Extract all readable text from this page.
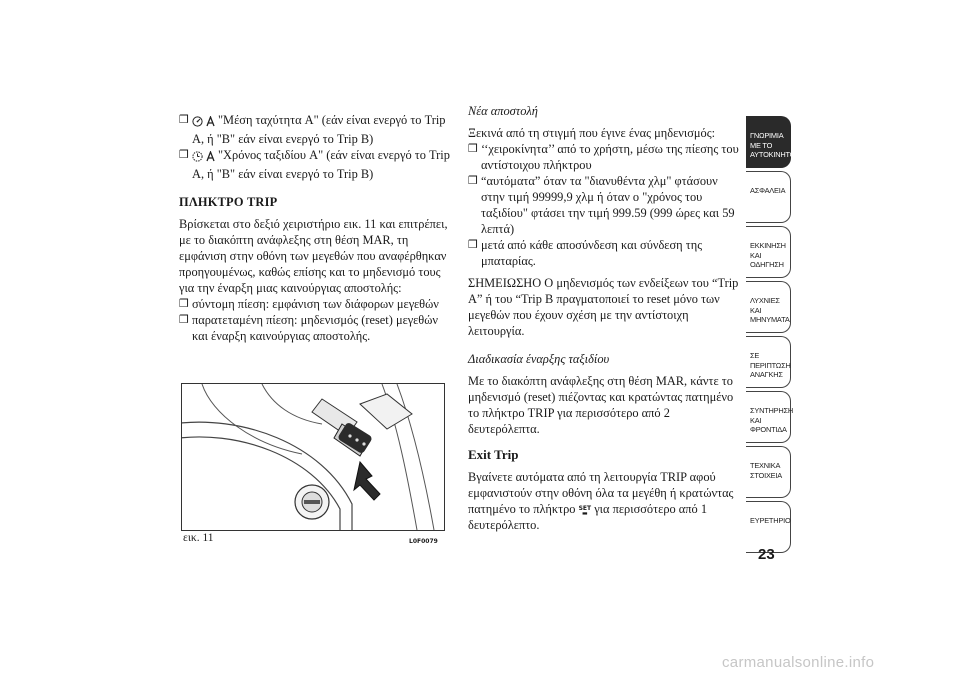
❒ "Μέση ταχύτητα A" (εάν είναι ενεργό το Trip A, ή "B" εάν είναι ενεργό το Trip B)
❒ "Χρόνος ταξιδίου A" (εάν είναι ενεργό το Trip A, ή "B" εάν είναι ενεργό το Trip B)

ΠΛΗΚΤΡΟ TRIP

Βρίσκεται στο δεξιό χειριστήριο εικ. 11 και επιτρέπει, με το διακόπτη ανάφλεξης στη θέση MAR, τη εμφάνιση στην οθόνη των μεγεθών που αναφέρθηκαν προηγουμένως, καθώς επίσης και το μηδενισμό τους για την έναρξη μιας καινούργιας αποστολής:

❒ σύντομη πίεση: εμφάνιση των διάφορων μεγεθών
❒ παρατεταμένη πίεση: μηδενισμός (reset) μεγεθών και έναρξη καινούργιας αποστολής.
εικ. 11	L0F0079

Νέα αποστολή

Ξεκινά από τη στιγμή που έγινε ένας μηδενισμός:

❒ ‘‘χειροκίνητα’’ από το χρήστη, μέσω της πίεσης του αντίστοιχου πλήκτρου
❒ “αυτόματα” όταν τα "διανυθέντα χλμ" φτάσουν στην τιμή 99999,9 χλμ ή όταν ο "χρόνος του ταξιδίου" φτάσει την τιμή 999.59 (999 ώρες και 59 λεπτά)
❒ μετά από κάθε αποσύνδεση και σύνδεση της μπαταρίας.

ΣΗΜΕΙΩΣΗΟ Ο μηδενισμός των ενδείξεων του “Trip A” ή του “Trip B πραγματοποιεί το reset μόνο των μεγεθών που έχουν σχέση με την αντίστοιχη λειτουργία.

Διαδικασία έναρξης ταξιδίου

Με το διακόπτη ανάφλεξης στη θέση MAR, κάντε το μηδενισμό (reset) πιέζοντας και κρατώντας πατημένο το πλήκτρο TRIP για περισσότερο από 2 δευτερόλεπτα.

Exit Trip

Βγαίνετε αυτόματα από τη λειτουργία TRIP αφού εμφανιστούν στην οθόνη όλα τα μεγέθη ή κρατώντας πατημένο το πλήκτρο SET
▬ για περισσότερο από 1 δευτερόλεπτο.

ΓΝΩΡΙΜΙΑ ΜΕ ΤΟ ΑΥΤΟΚΙΝΗΤΟ
ΑΣΦΑΛΕΙΑ
ΕΚΚΙΝΗΣΗ ΚΑΙ ΟΔΗΓΗΣΗ
ΛΥΧΝΙΕΣ ΚΑΙ ΜΗΝΥΜΑΤΑ
ΣΕ ΠΕΡΙΠΤΩΣΗ ΑΝΑΓΚΗΣ
ΣΥΝΤΗΡΗΣΗ ΚΑΙ ΦΡΟΝΤΙΔΑ
ΤΕΧΝΙΚΑ ΣΤΟΙΧΕΙΑ
ΕΥΡΕΤΗΡΙΟ
23
carmanualsonline.info
